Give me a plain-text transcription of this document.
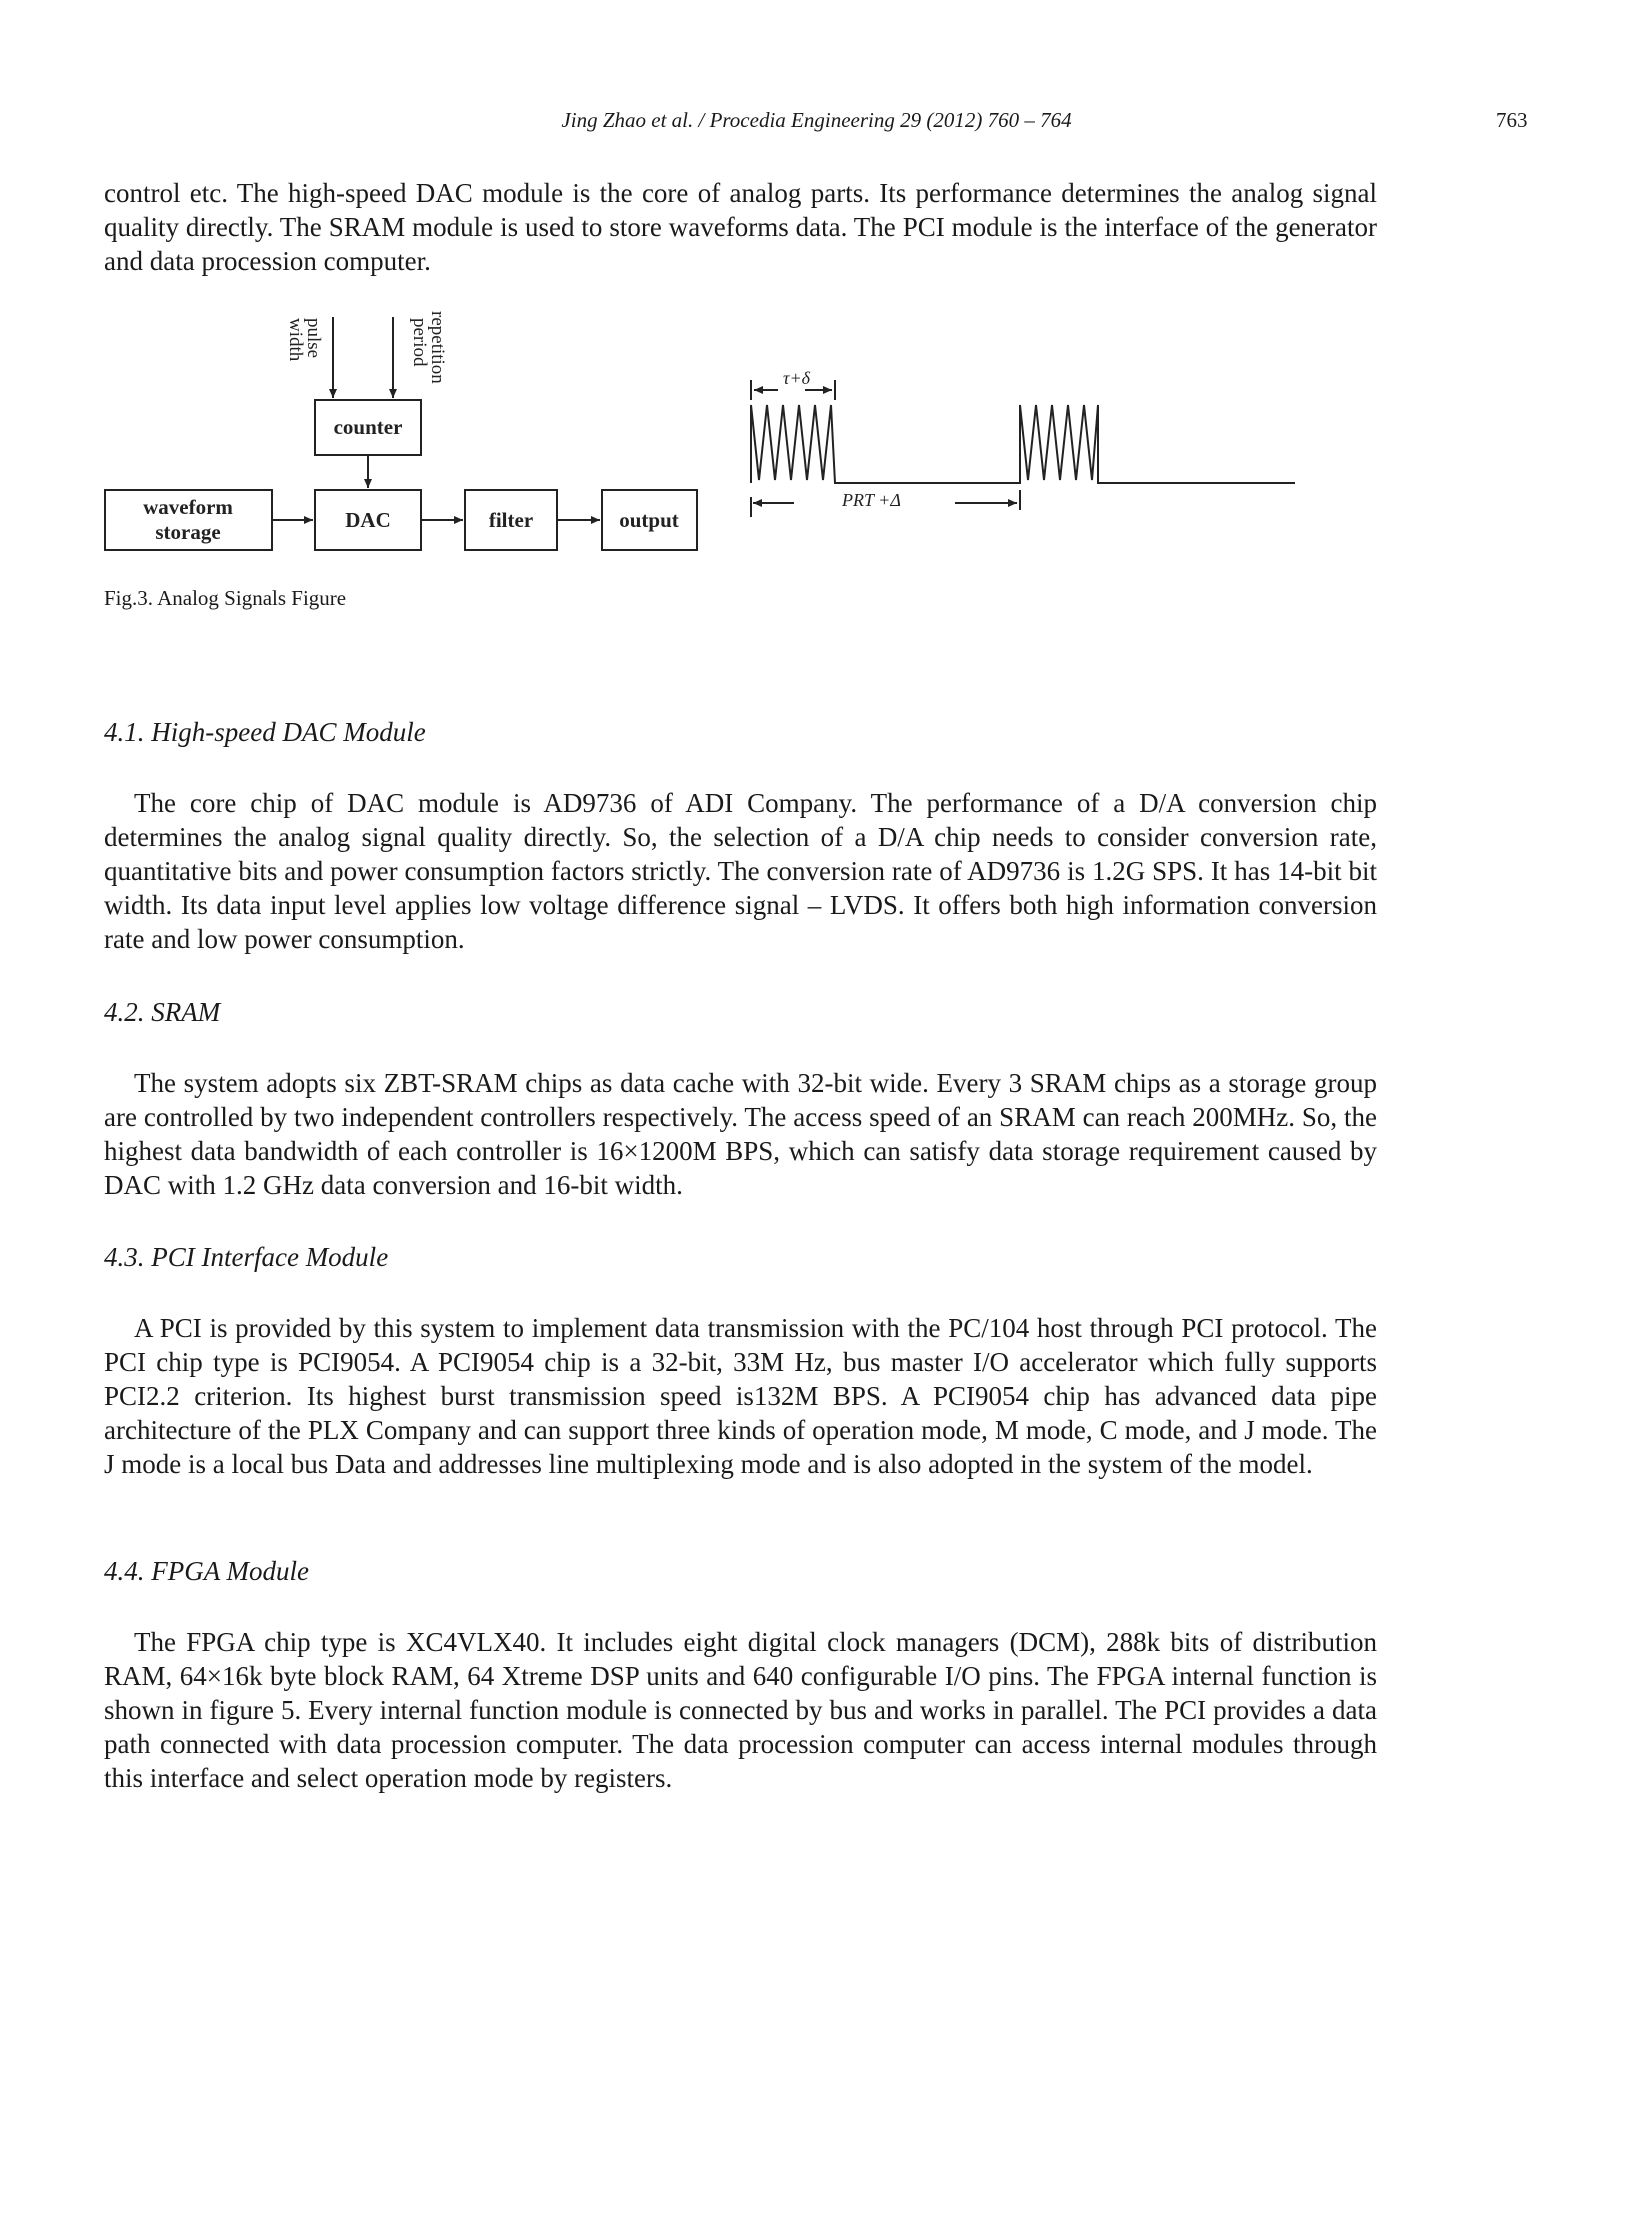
Jing Zhao et al. / Procedia Engineering 29 (2012) 760 – 764	763

control etc. The high-speed DAC module is the core of analog parts. Its performance determines the analog signal quality directly. The SRAM module is used to store waveforms data. The PCI module is the interface of the generator and data procession computer.

waveform
storage
counter
DAC	filter	output
pulse
width	repetition
period
τ+δ
PRT +Δ
Fig.3. Analog Signals Figure

4.1. High-speed DAC Module

The core chip of DAC module is AD9736 of ADI Company. The performance of a D/A conversion chip determines the analog signal quality directly. So, the selection of a D/A chip needs to consider conversion rate, quantitative bits and power consumption factors strictly. The conversion rate of AD9736 is 1.2G SPS. It has 14-bit bit width. Its data input level applies low voltage difference signal – LVDS. It offers both high information conversion rate and low power consumption.

4.2. SRAM

The system adopts six ZBT-SRAM chips as data cache with 32-bit wide. Every 3 SRAM chips as a storage group are controlled by two independent controllers respectively. The access speed of an SRAM can reach 200MHz. So, the highest data bandwidth of each controller is 16×1200M BPS, which can satisfy data storage requirement caused by DAC with 1.2 GHz data conversion and 16-bit width.

4.3. PCI Interface Module

A PCI is provided by this system to implement data transmission with the PC/104 host through PCI protocol. The PCI chip type is PCI9054. A PCI9054 chip is a 32-bit, 33M Hz, bus master I/O accelerator which fully supports PCI2.2 criterion. Its highest burst transmission speed is132M BPS. A PCI9054 chip has advanced data pipe architecture of the PLX Company and can support three kinds of operation mode, M mode, C mode, and J mode. The J mode is a local bus Data and addresses line multiplexing mode and is also adopted in the system of the model.

4.4. FPGA Module

The FPGA chip type is XC4VLX40. It includes eight digital clock managers (DCM), 288k bits of distribution RAM, 64×16k byte block RAM, 64 Xtreme DSP units and 640 configurable I/O pins. The FPGA internal function is shown in figure 5. Every internal function module is connected by bus and works in parallel. The PCI provides a data path connected with data procession computer. The data procession computer can access internal modules through this interface and select operation mode by registers.
